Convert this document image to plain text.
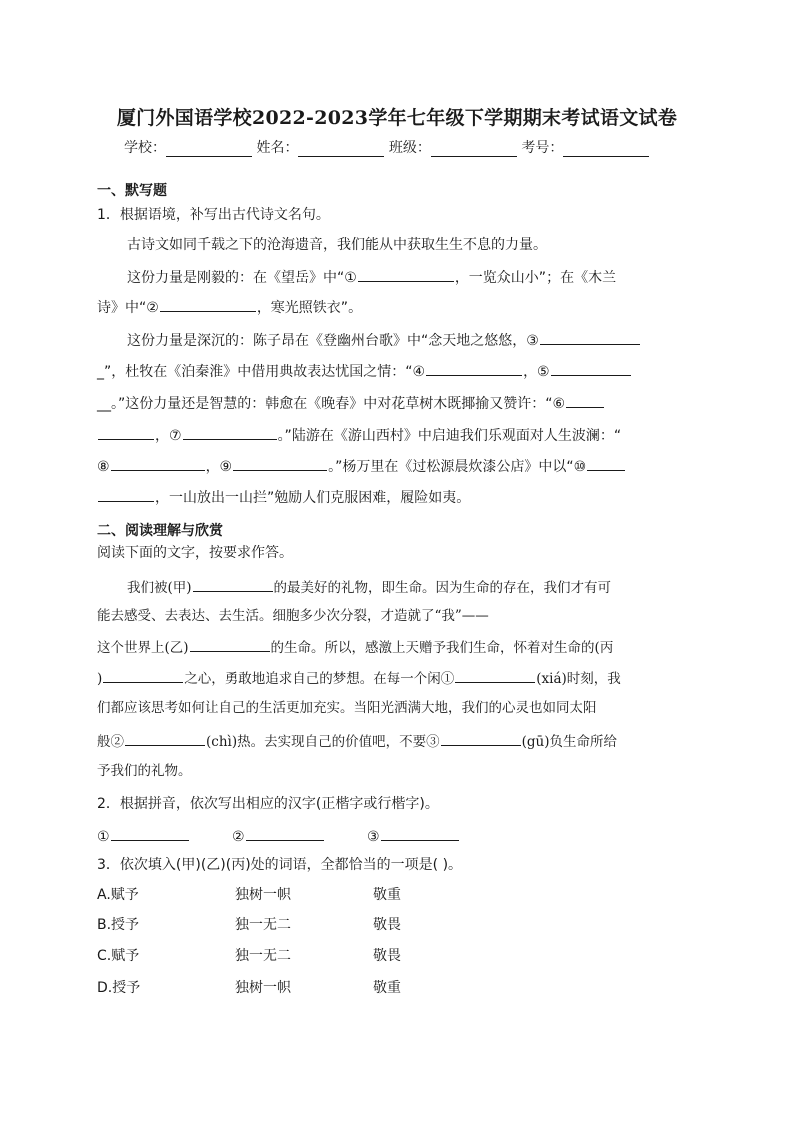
厦门外国语学校2022-2023学年七年级下学期期末考试语文试卷
学校：	姓名：	班级：	考号：
一、默写题
1．根据语境，补写出古代诗文名句。
古诗文如同千载之下的沧海遗音，我们能从中获取生生不息的力量。
这份力量是刚毅的：在《望岳》中“①	，一览众山小”；在《木兰
诗》中“②	，寒光照铁衣”。
这份力量是深沉的：陈子昂在《登幽州台歌》中“念天地之悠悠，③
_”，杜牧在《泊秦淮》中借用典故表达忧国之情：“④	，⑤
__。”这份力量还是智慧的：韩愈在《晚春》中对花草树木既揶揄又赞许：“⑥
，⑦	。”陆游在《游山西村》中启迪我们乐观面对人生波澜：“
⑧	，⑨	。”杨万里在《过松源晨炊漆公店》中以“⑩
，一山放出一山拦”勉励人们克服困难，履险如夷。
二、阅读理解与欣赏
阅读下面的文字，按要求作答。
我们被(甲)	的最美好的礼物，即生命。因为生命的存在，我们才有可
能去感受、去表达、去生活。细胞多少次分裂，才造就了“我”——
这个世界上(乙)	的生命。所以，感激上天赠予我们生命，怀着对生命的(丙
)	之心，勇敢地追求自己的梦想。在每一个闲①	(xiá)时刻，我
们都应该思考如何让自己的生活更加充实。当阳光洒满大地，我们的心灵也如同太阳
般②	(chì)热。去实现自己的价值吧，不要③	(gū)负生命所给
予我们的礼物。
2．根据拼音，依次写出相应的汉字(正楷字或行楷字)。
①	②	③
3．依次填入(甲)(乙)(丙)处的词语，全都恰当的一项是( )。
A.赋予	独树一帜	敬重
B.授予	独一无二	敬畏
C.赋予	独一无二	敬畏
D.授予	独树一帜	敬重
